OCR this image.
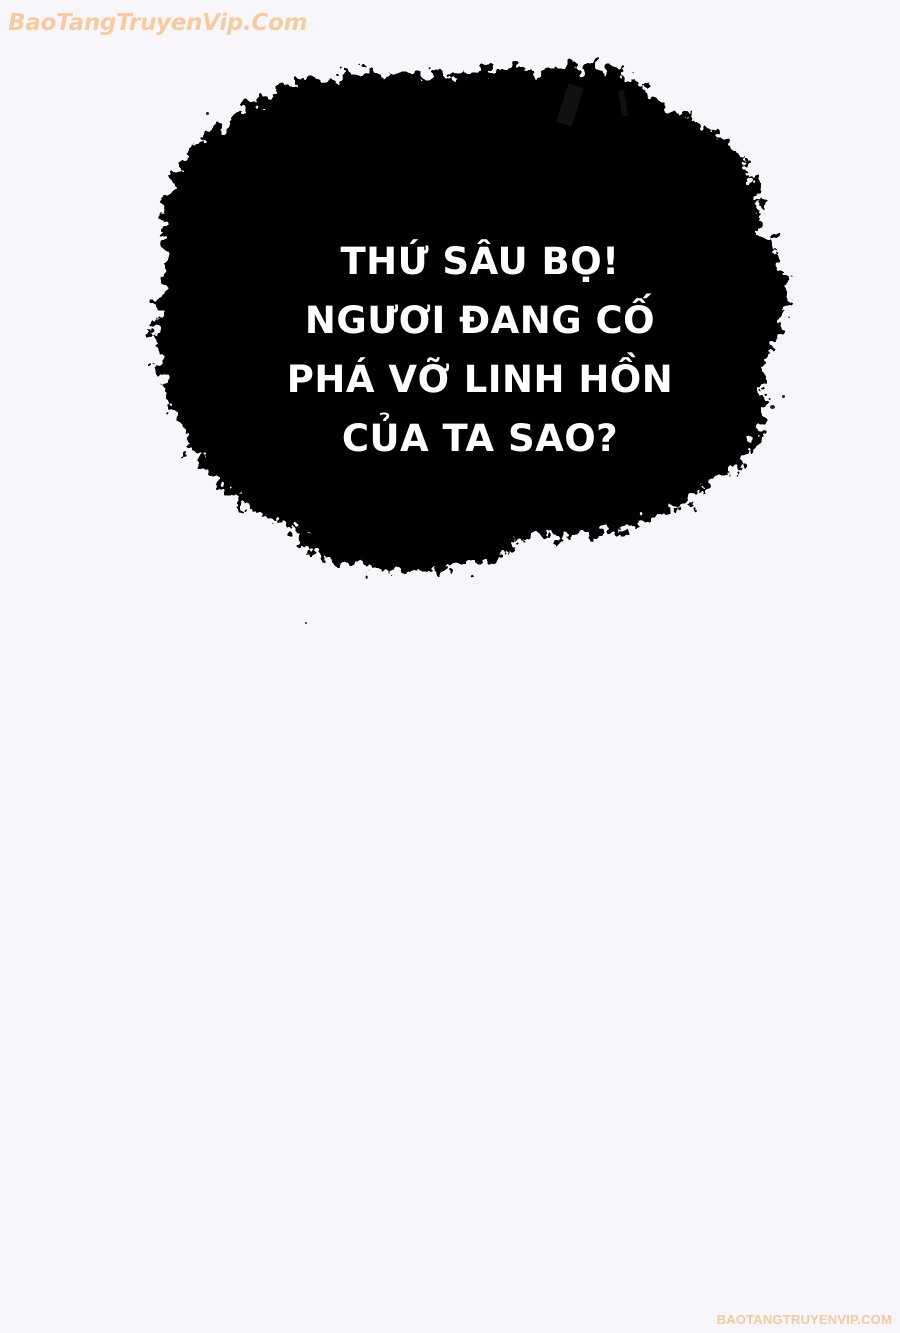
BaoTangTruyenVip.Com
THỨ SÂU BỌ!
NGƯƠI ĐANG CỐ
PHÁ VỠ LINH HỒN
CỦA TA SAO?
BAOTANGTRUYENVIP.COM
